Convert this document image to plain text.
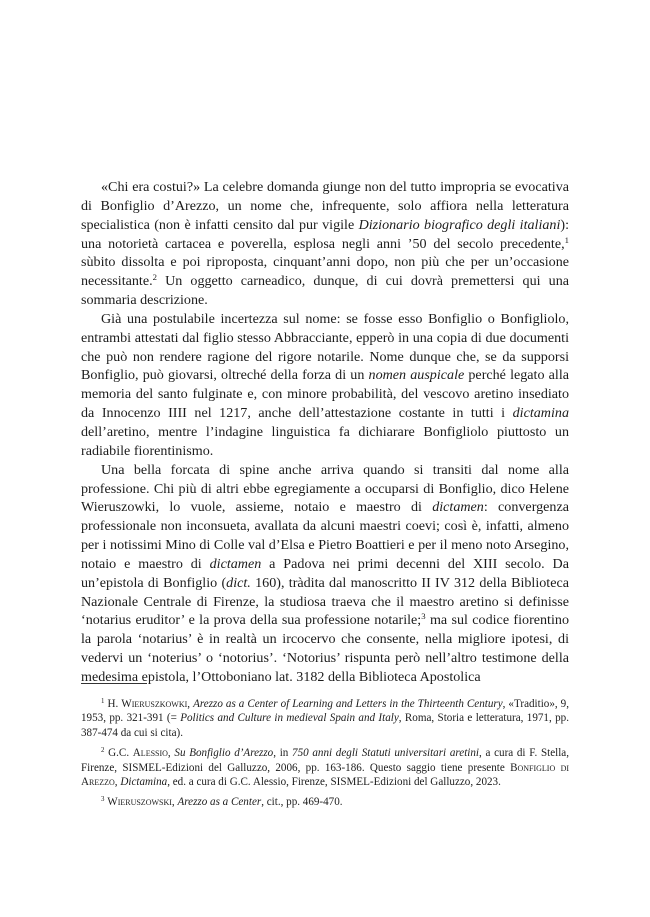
«Chi era costui?» La celebre domanda giunge non del tutto impropria se evocativa di Bonfiglio d’Arezzo, un nome che, infrequente, solo affiora nella letteratura specialistica (non è infatti censito dal pur vigile Dizionario biografico degli italiani): una notorietà cartacea e poverella, esplosa negli anni ’50 del secolo precedente,$^1$ sùbito dissolta e poi riproposta, cinquant’anni dopo, non più che per un’occasione necessitante.$^2$ Un oggetto carneadico, dunque, di cui dovrà premettersi qui una sommaria descrizione.

Già una postulabile incertezza sul nome: se fosse esso Bonfiglio o Bonfigliolo, entrambi attestati dal figlio stesso Abbracciante, epperò in una copia di due documenti che può non rendere ragione del rigore notarile. Nome dunque che, se da supporsi Bonfiglio, può giovarsi, oltreché della forza di un nomen auspicale perché legato alla memoria del santo fulginate e, con minore probabilità, del vescovo aretino insediato da Innocenzo IIII nel 1217, anche dell’attestazione costante in tutti i dictamina dell’aretino, mentre l’indagine linguistica fa dichiarare Bonfigliolo piuttosto un radiabile fiorentinismo.

Una bella forcata di spine anche arriva quando si transiti dal nome alla professione. Chi più di altri ebbe egregiamente a occuparsi di Bonfiglio, dico Helene Wieruszowki, lo vuole, assieme, notaio e maestro di dictamen: convergenza professionale non inconsueta, avallata da alcuni maestri coevi; così è, infatti, almeno per i notissimi Mino di Colle val d’Elsa e Pietro Boattieri e per il meno noto Arsegino, notaio e maestro di dictamen a Padova nei primi decenni del XIII secolo. Da un’epistola di Bonfiglio (dict. 160), tràdita dal manoscritto II IV 312 della Biblioteca Nazionale Centrale di Firenze, la studiosa traeva che il maestro aretino si definisse ‘notarius eruditor’ e la prova della sua professione notarile;$^3$ ma sul codice fiorentino la parola ‘notarius’ è in realtà un ircocervo che consente, nella migliore ipotesi, di vedervi un ‘noterius’ o ‘notorius’. ‘Notorius’ rispunta però nell’altro testimone della medesima epistola, l’Ottoboniano lat. 3182 della Biblioteca Apostolica

$^1$ H. Wieruszkowki, Arezzo as a Center of Learning and Letters in the Thirteenth Century, «Traditio», 9, 1953, pp. 321-391 (= Politics and Culture in medieval Spain and Italy, Roma, Storia e letteratura, 1971, pp. 387-474 da cui si cita).

$^2$ G.C. Alessio, Su Bonfiglio d’Arezzo, in 750 anni degli Statuti universitari aretini, a cura di F. Stella, Firenze, SISMEL-Edizioni del Galluzzo, 2006, pp. 163-186. Questo saggio tiene presente Bonfiglio di Arezzo, Dictamina, ed. a cura di G.C. Alessio, Firenze, SISMEL-Edizioni del Galluzzo, 2023.

$^3$ Wieruszowski, Arezzo as a Center, cit., pp. 469-470.
